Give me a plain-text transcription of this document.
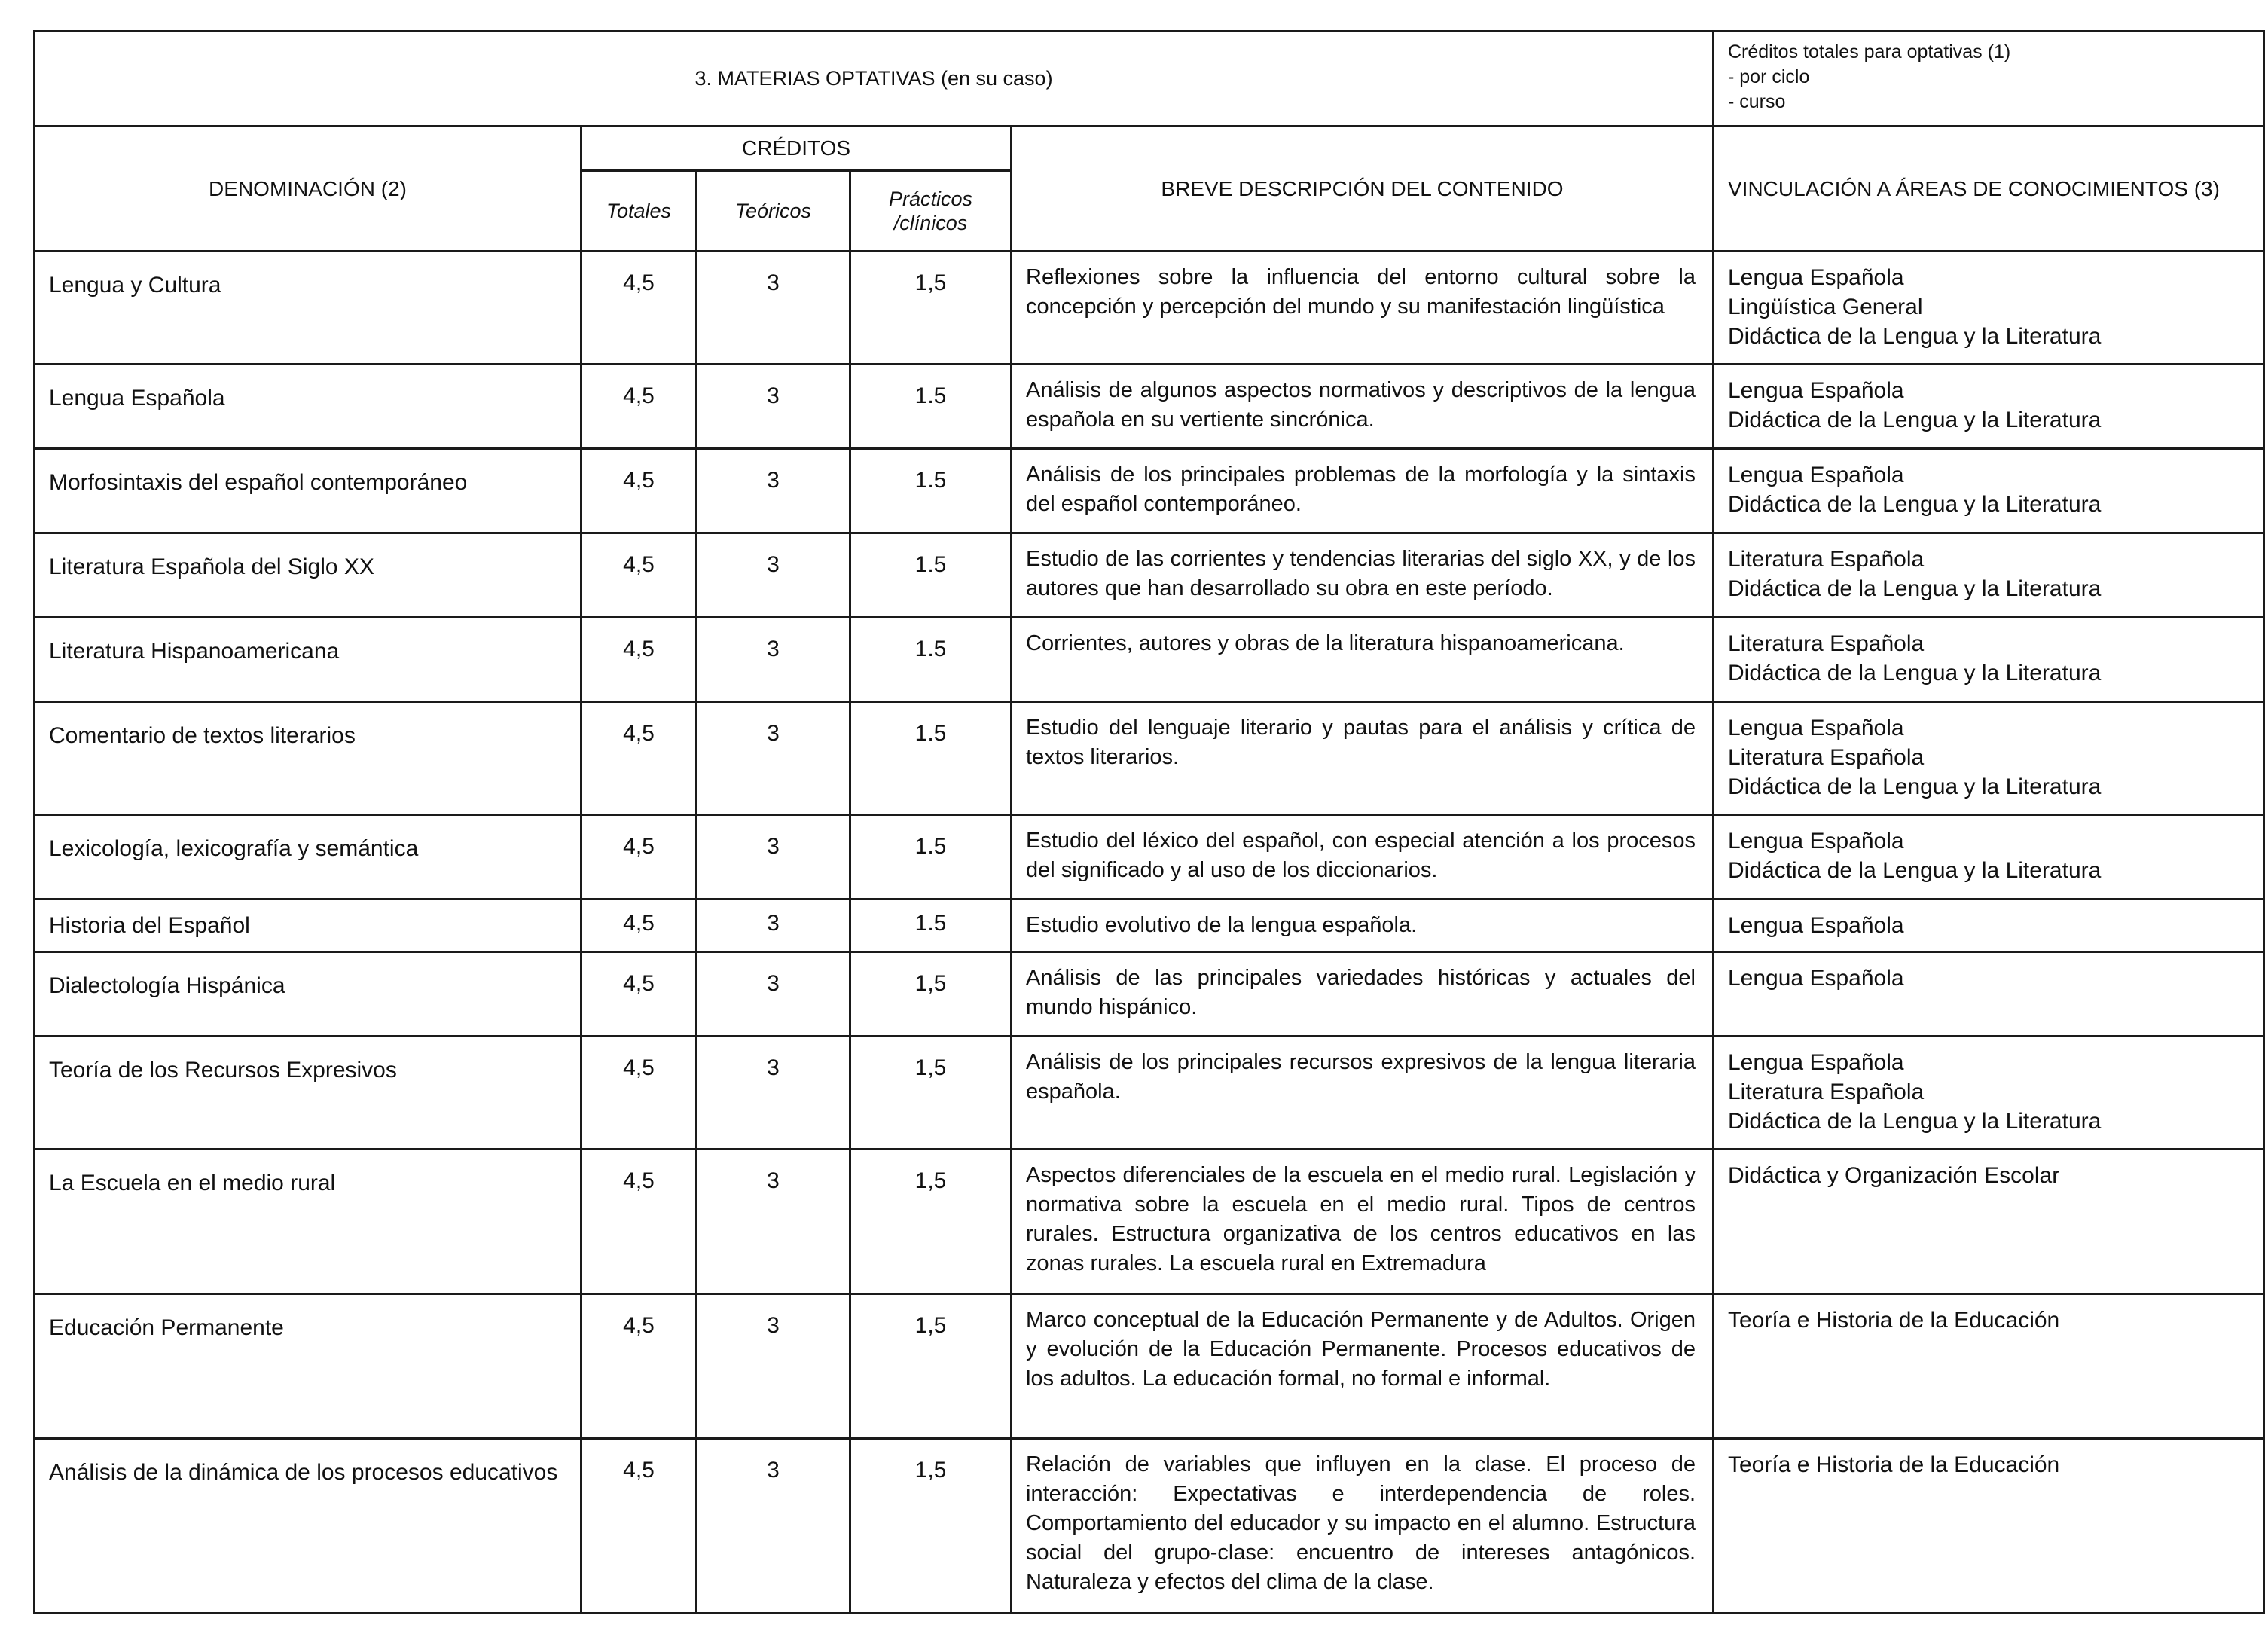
3. MATERIAS OPTATIVAS (en su caso)					Créditos totales para optativas (1)
- por ciclo
- curso

DENOMINACIÓN (2)	CRÉDITOS			BREVE DESCRIPCIÓN DEL CONTENIDO	VINCULACIÓN A ÁREAS DE CONOCIMIENTOS (3)
	Totales	Teóricos	Prácticos /clínicos		
Lengua y Cultura	4,5	3	1,5	Reflexiones sobre la influencia del entorno cultural sobre la concepción y percepción del mundo y su manifestación lingüística	Lengua Española
Lingüística General
Didáctica de la Lengua y la Literatura

Lengua Española	4,5	3	1.5	Análisis de algunos aspectos normativos y descriptivos de la lengua española en su vertiente sincrónica.	Lengua Española
Didáctica de la Lengua y la Literatura

Morfosintaxis del español contemporáneo	4,5	3	1.5	Análisis de los principales problemas de la morfología y la sintaxis del español contemporáneo.	Lengua Española
Didáctica de la Lengua y la Literatura

Literatura Española del Siglo XX	4,5	3	1.5	Estudio de las corrientes y tendencias literarias del siglo XX, y de los autores que han desarrollado su obra en este período.	Literatura Española
Didáctica de la Lengua y la Literatura

Literatura Hispanoamericana	4,5	3	1.5	Corrientes, autores y obras de la literatura hispanoamericana.	Literatura Española
Didáctica de la Lengua y la Literatura

Comentario de textos literarios	4,5	3	1.5	Estudio del lenguaje literario y pautas para el análisis y crítica de textos literarios.	Lengua Española
Literatura Española
Didáctica de la Lengua y la Literatura

Lexicología, lexicografía y semántica	4,5	3	1.5	Estudio del léxico del español, con especial atención a los procesos del significado y al uso de los diccionarios.	Lengua Española
Didáctica de la Lengua y la Literatura

Historia del Español	4,5	3	1.5	Estudio evolutivo de la lengua española.	Lengua Española

Dialectología Hispánica	4,5	3	1,5	Análisis de las principales variedades históricas y actuales del mundo hispánico.	Lengua Española

Teoría de los Recursos Expresivos	4,5	3	1,5	Análisis de los principales recursos expresivos de la lengua literaria española.	Lengua Española
Literatura Española
Didáctica de la Lengua y la Literatura

La Escuela en el medio rural	4,5	3	1,5	Aspectos diferenciales de la escuela en el medio rural. Legislación y normativa sobre la escuela en el medio rural. Tipos de centros rurales. Estructura organizativa de los centros educativos en las zonas rurales. La escuela rural en Extremadura	Didáctica y Organización Escolar

Educación Permanente	4,5	3	1,5	Marco conceptual de la Educación Permanente y de Adultos. Origen y evolución de la Educación Permanente. Procesos educativos de los adultos. La educación formal, no formal e informal.	Teoría e Historia de la Educación

Análisis de la dinámica de los procesos educativos	4,5	3	1,5	Relación de variables que influyen en la clase. El proceso de interacción: Expectativas e interdependencia de roles. Comportamiento del educador y su impacto en el alumno. Estructura social del grupo-clase: encuentro de intereses antagónicos. Naturaleza y efectos del clima de la clase.	Teoría e Historia de la Educación
